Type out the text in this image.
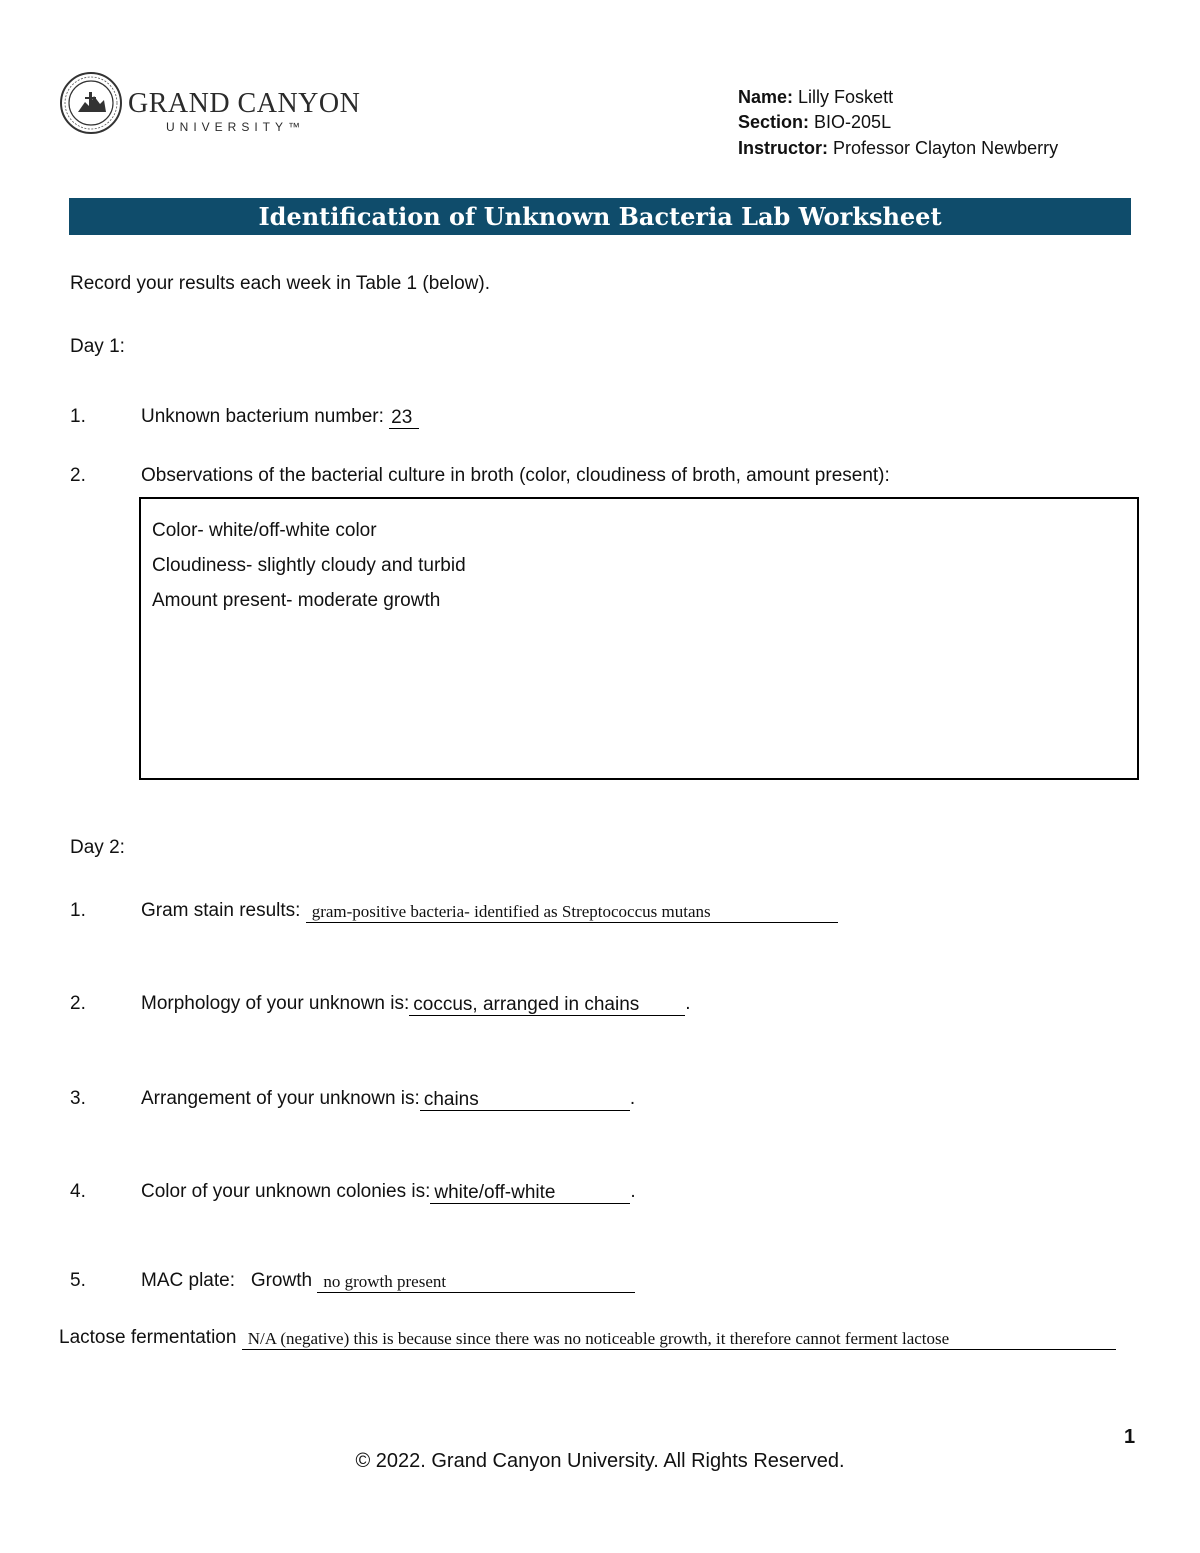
GRAND CANYON
UNIVERSITY™
Name: Lilly Foskett
Section: BIO-205L
Instructor: Professor Clayton Newberry
Identification of Unknown Bacteria Lab Worksheet
Record your results each week in Table 1 (below).
Day 1:
1.	Unknown bacterium number: 23
2.	Observations of the bacterial culture in broth (color, cloudiness of broth, amount present):
Color- white/off-white color
Cloudiness- slightly cloudy and turbid
Amount present- moderate growth
Day 2:
1.	Gram stain results: gram-positive bacteria- identified as Streptococcus mutans
2.	Morphology of your unknown is: coccus, arranged in chains .
3.	Arrangement of your unknown is: chains	.
4.	Color of your unknown colonies is: white/off-white	.
5.	MAC plate:   Growth no growth present
Lactose fermentation N/A (negative) this is because since there was no noticeable growth, it therefore cannot ferment lactose
1
© 2022. Grand Canyon University. All Rights Reserved.
